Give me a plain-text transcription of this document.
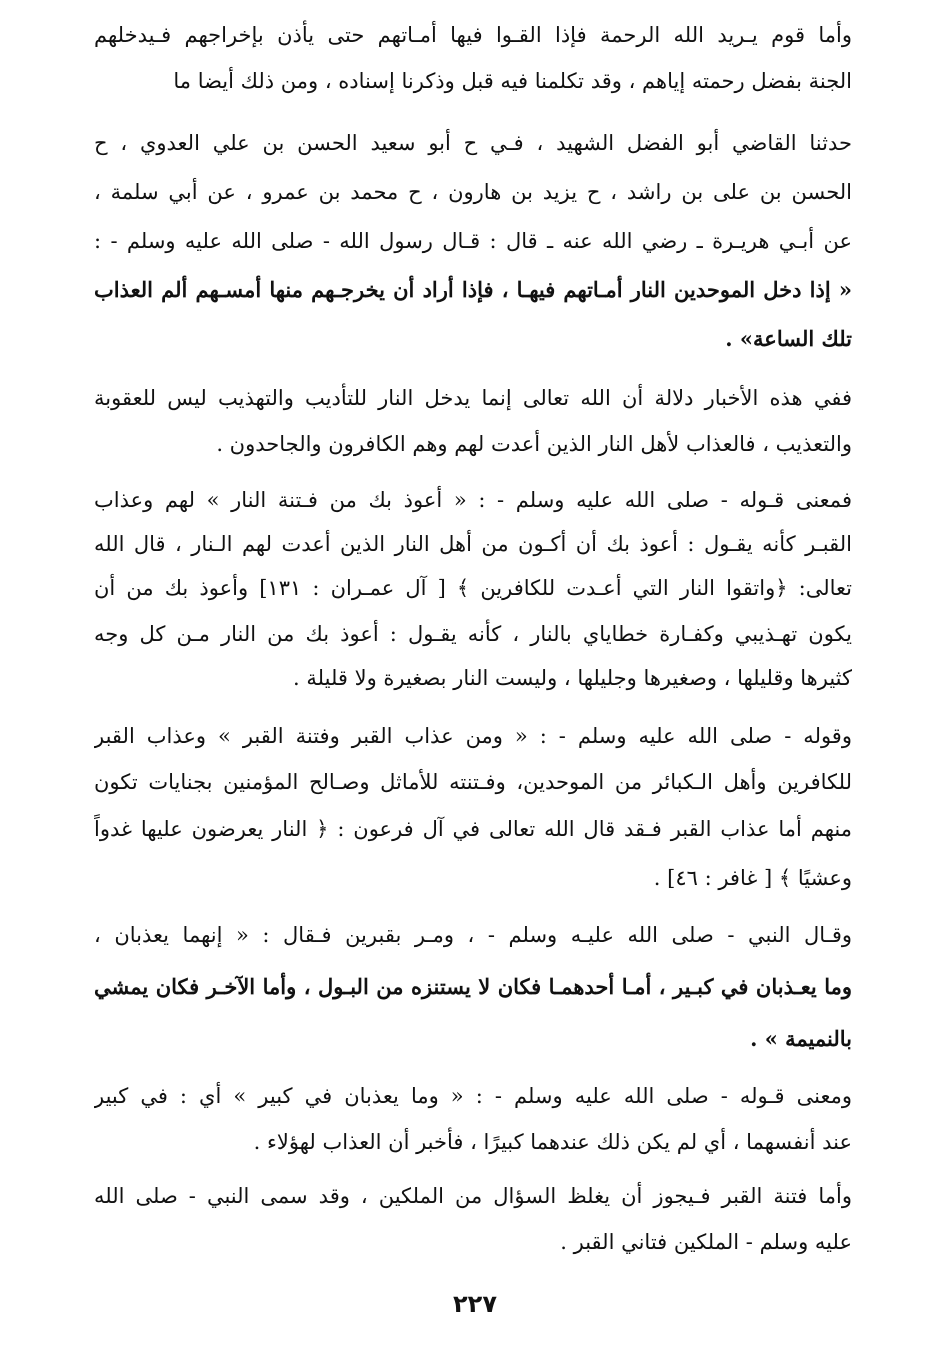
وأما قوم يـريد الله الرحمة فإذا القـوا فيها أمـاتهم حتى يأذن بإخراجهم فـيدخلهم
الجنة بفضل رحمته إياهم ، وقد تكلمنا فيه قبل وذكرنا إسناده ، ومن ذلك أيضا ما
حدثنا القاضي أبو الفضل الشهيد ، فـي ح أبو سعيد الحسن بن علي العدوي ، ح
الحسن بن على بن راشد ، ح يزيد بن هارون ، ح محمد بن عمرو ، عن أبي سلمة ،
عن أبـي هريـرة ـ رضي الله عنه ـ قال : قـال رسول الله - صلى الله عليه وسلم - :
« إذا دخل الموحدين النار أمـاتهم فيهـا ، فإذا أراد أن يخرجـهم منها أمسـهم ألم العذاب
تلك الساعة» .
ففي هذه الأخبار دلالة أن الله تعالى إنما يدخل النار للتأديب والتهذيب ليس للعقوبة
والتعذيب ، فالعذاب لأهل النار الذين أعدت لهم وهم الكافرون والجاحدون .
فمعنى قـوله - صلى الله عليه وسلم - : « أعوذ بك من فـتنة النار » لهم وعذاب
القبـر كأنه يقـول : أعوذ بك أن أكـون من أهل النار الذين أعدت لهم الـنار ، قال الله
تعالى: ﴿واتقوا النار التي أعـدت للكافرين ﴾ [ آل عمـران : ١٣١] وأعوذ بك من أن
يكون تهـذيبي وكفـارة خطاياي بالنار ، كأنه يقـول : أعوذ بك من النار مـن كل وجه
كثيرها وقليلها ، وصغيرها وجليلها ، وليست النار بصغيرة ولا قليلة .
وقوله - صلى الله عليه وسلم - : « ومن عذاب القبر وفتنة القبر » وعذاب القبر
للكافرين وأهل الـكبائر من الموحدين، وفـتنته للأماثل وصـالح المؤمنين بجنايات تكون
منهم أما عذاب القبر فـقد قال الله تعالى في آل فرعون : ﴿ النار يعرضون عليها غدواً
وعشيًا ﴾ [ غافر : ٤٦] .
وقـال النبي - صلى الله عليـه وسلم - ، ومـر بقبرين فـقال : « إنهما يعذبان ،
وما يعـذبان في كبـير ، أمـا أحدهمـا فكان لا يستنزه من البـول ، وأما الآخـر فكان يمشي
بالنميمة » .
ومعنى قـوله - صلى الله عليه وسلم - : « وما يعذبان في كبير » أي : في كبير
عند أنفسهما ، أي لم يكن ذلك عندهما كبيرًا ، فأخبر أن العذاب لهؤلاء .
وأما فتنة القبر فـيجوز أن يغلظ السؤال من الملكين ، وقد سمى النبي - صلى الله
عليه وسلم - الملكين فتاني القبر .
٢٢٧
